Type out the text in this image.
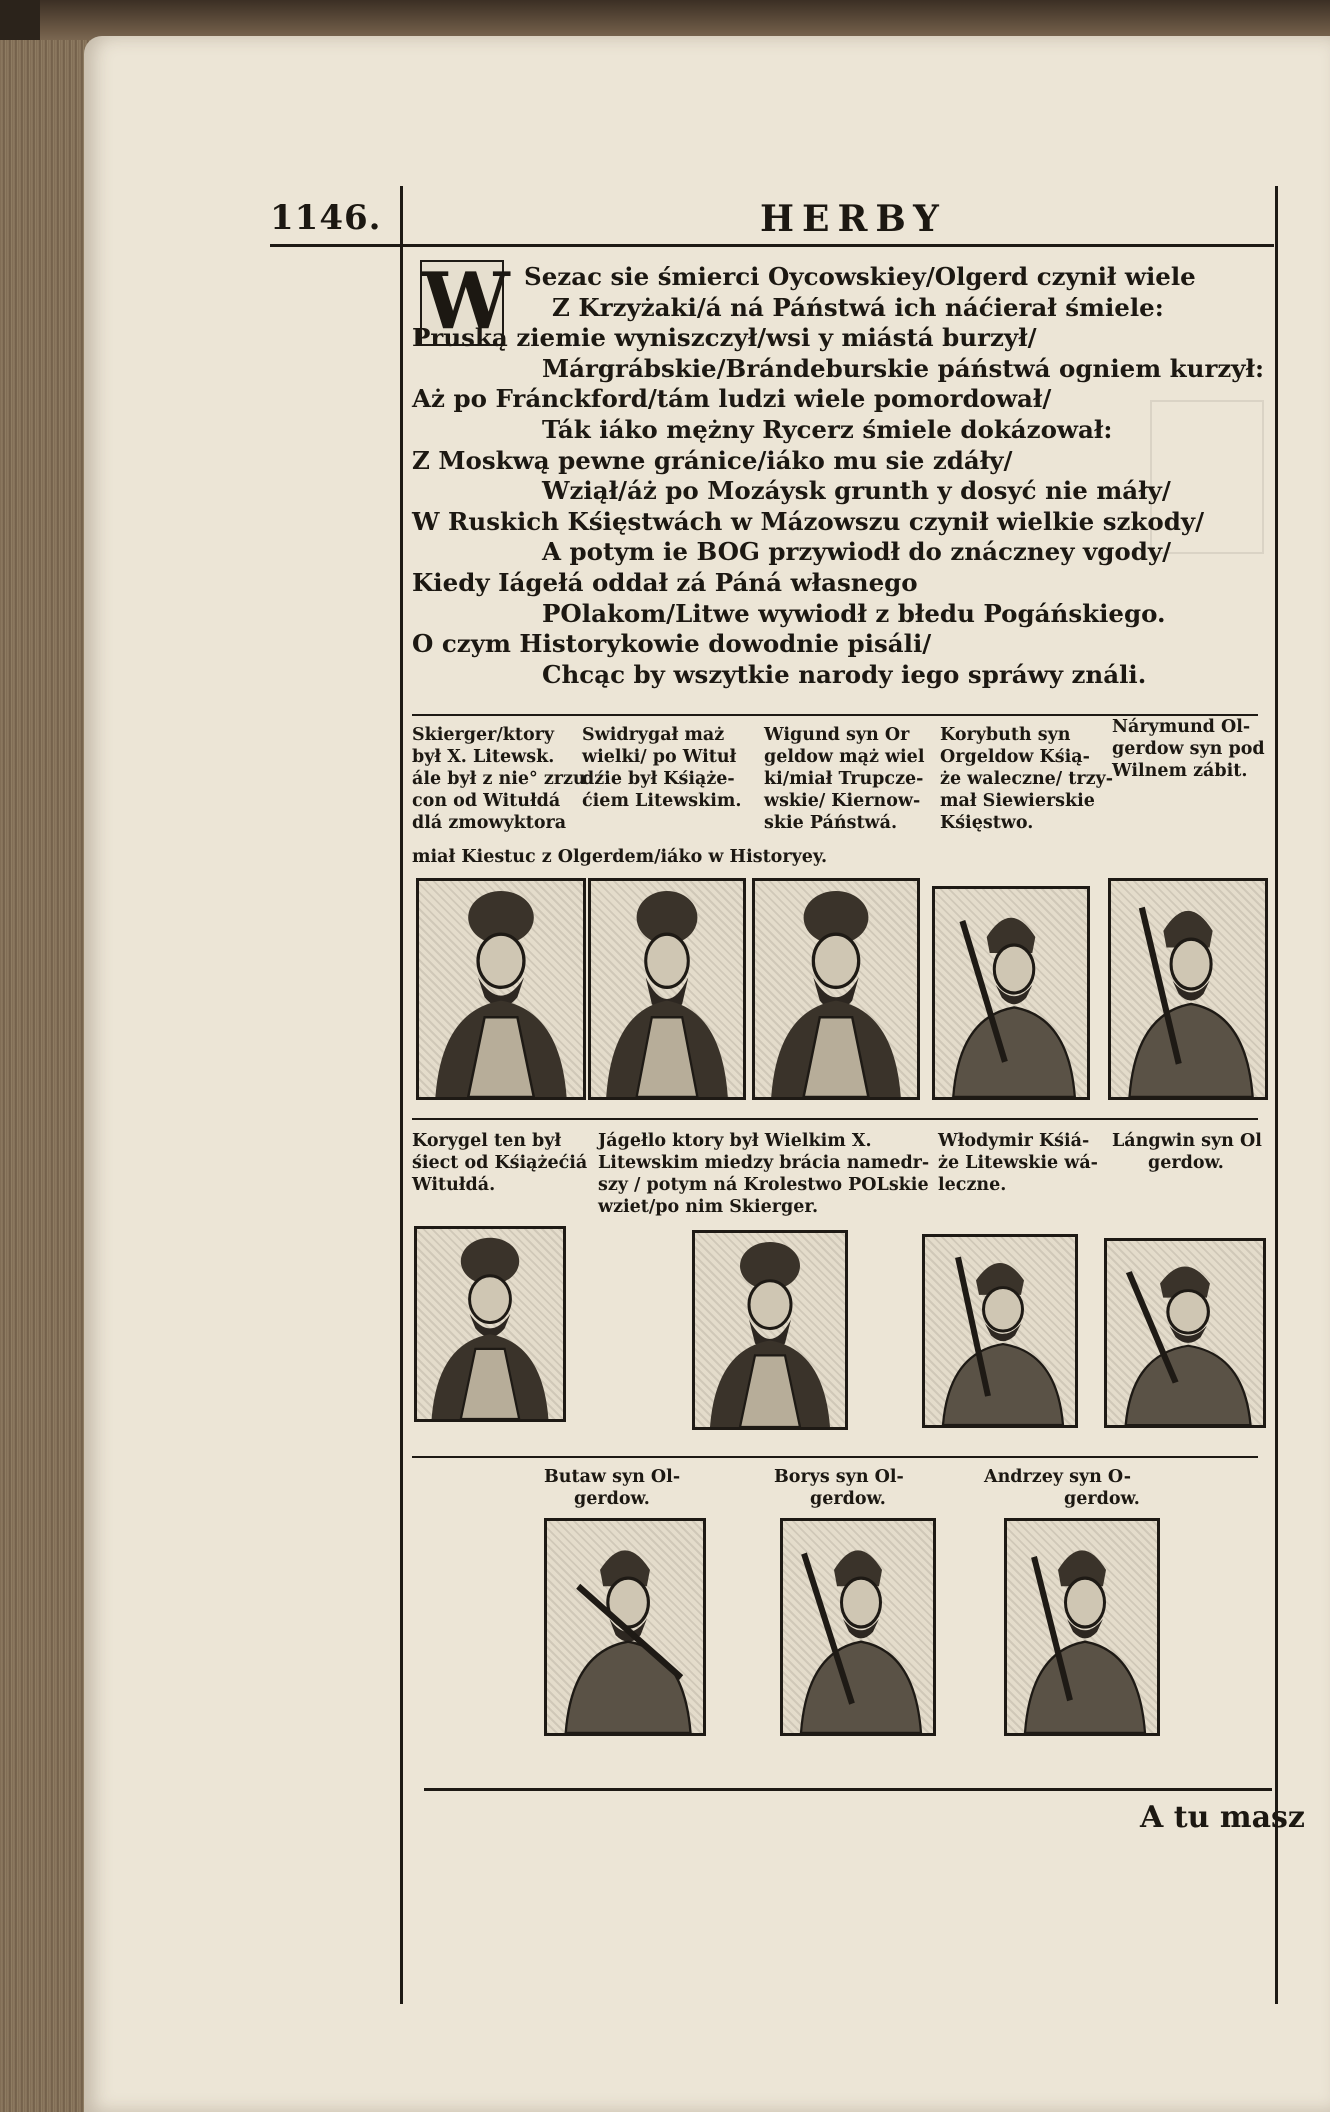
1146.	HERBY
W Sezac sie śmierci Oycowskiey/Olgerd czynił wiele
Z Krzyżaki/á ná Páństwá ich náćierał śmiele:
Pruską ziemie wyniszczył/wsi y miástá burzył/
Márgrábskie/Brándeburskie páństwá ogniem kurzył:
Aż po Fránckford/tám ludzi wiele pomordował/
Ták iáko mężny Rycerz śmiele dokázował:
Z Moskwą pewne gránice/iáko mu sie zdáły/
Wziął/áż po Mozáysk grunth y dosyć nie máły/
W Ruskich Kśięstwách w Mázowszu czynił wielkie szkody/
A potym ie BOG przywiodł do znáczney vgody/
Kiedy Iágełá oddał zá Páná własnego
POlakom/Litwe wywiodł z błedu Pogáńskiego.
O czym Historykowie dowodnie pisáli/
Chcąc by wszytkie narody iego spráwy ználi.
Skierger/ktory
był X. Litewsk.
ále był z nie° zrzu
con od Witułdá
dlá zmowyktora
Swidrygał maż
wielki/ po Wituł
dźie był Kśiąże-
ćiem Litewskim.
Wigund syn Or
geldow mąż wiel
ki/miał Trupcze-
wskie/ Kiernow-
skie Páństwá.
Korybuth syn
Orgeldow Kśią-
że waleczne/ trzy-
mał Siewierskie
Kśięstwo.
Nárymund Ol-
gerdow syn pod
Wilnem zábit.
miał Kiestuc z Olgerdem/iáko w Historyey.
Korygel ten był
śiect od Kśiążećiá
Witułdá.
Jágełlo ktory był Wielkim X.
Litewskim miedzy brácia namedr-
szy / potym ná Krolestwo POLskie
wziet/po nim Skierger.
Włodymir Kśiá-
że Litewskie wá-
leczne.
Lángwin syn Ol
gerdow.
Butaw syn Ol-
gerdow.
Borys syn Ol-
gerdow.
Andrzey syn O-
gerdow.
A tu masz
